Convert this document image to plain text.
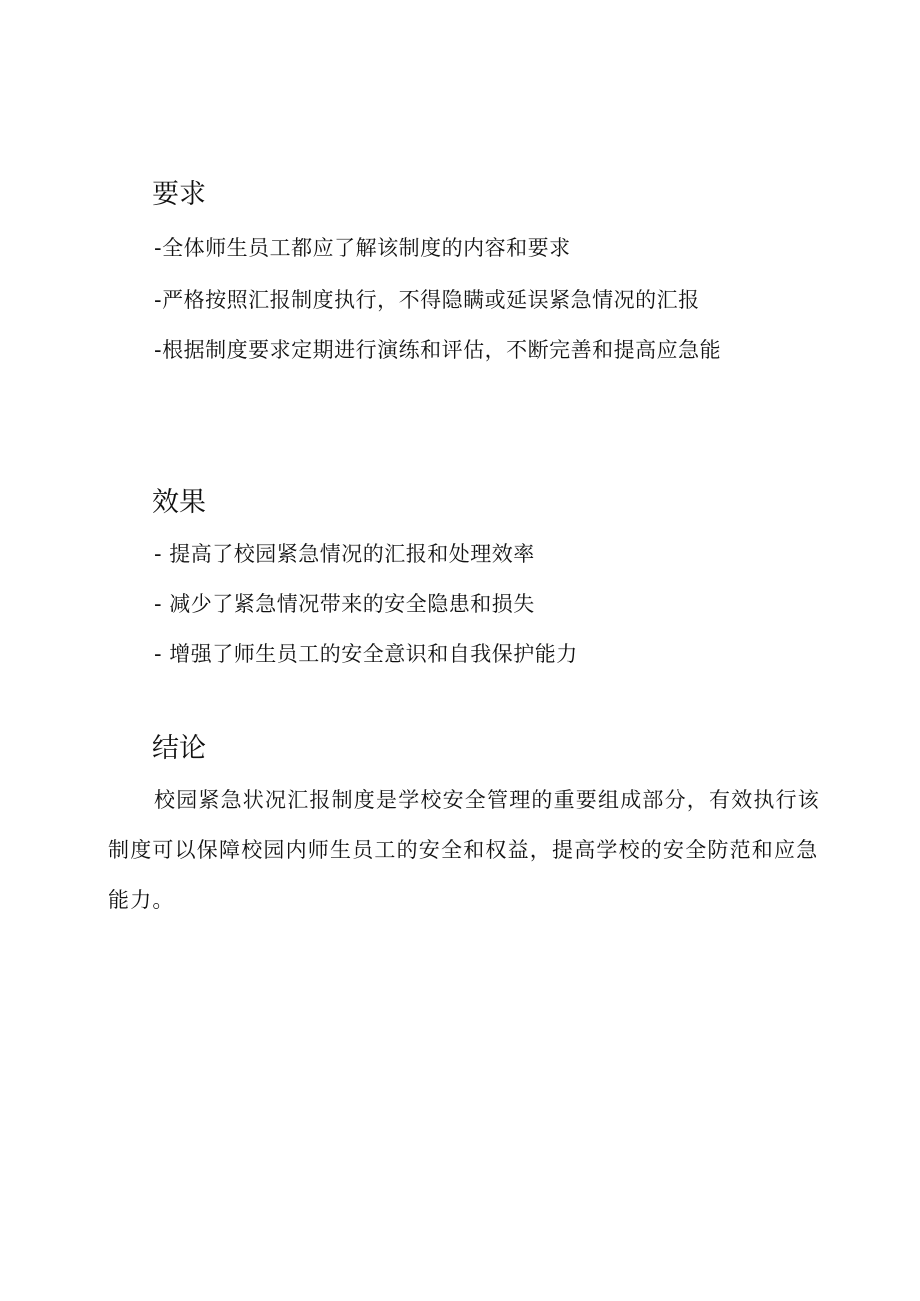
要求

-全体师生员工都应了解该制度的内容和要求

-严格按照汇报制度执行，不得隐瞒或延误紧急情况的汇报

-根据制度要求定期进行演练和评估，不断完善和提高应急能

效果

- 提高了校园紧急情况的汇报和处理效率

- 减少了紧急情况带来的安全隐患和损失

- 增强了师生员工的安全意识和自我保护能力

结论

校园紧急状况汇报制度是学校安全管理的重要组成部分，有效执行该制度可以保障校园内师生员工的安全和权益，提高学校的安全防范和应急能力。
